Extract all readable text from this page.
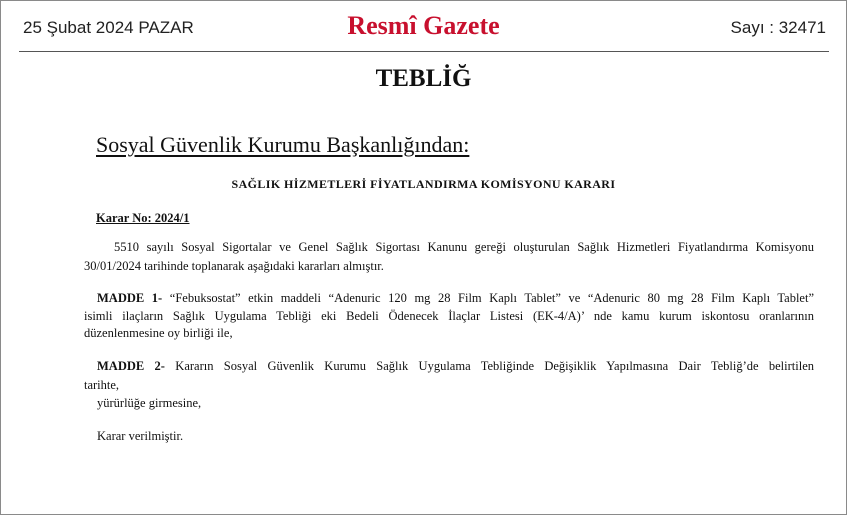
25 Şubat 2024 PAZAR	Resmî Gazete	Sayı : 32471
TEBLİĞ
Sosyal Güvenlik Kurumu Başkanlığından:
SAĞLIK HİZMETLERİ FİYATLANDIRMA KOMİSYONU KARARI
Karar No: 2024/1
5510 sayılı Sosyal Sigortalar ve Genel Sağlık Sigortası Kanunu gereği oluşturulan Sağlık Hizmetleri Fiyatlandırma Komisyonu
30/01/2024 tarihinde toplanarak aşağıdaki kararları almıştır.
MADDE 1- “Febuksostat” etkin maddeli “Adenuric 120 mg 28 Film Kaplı Tablet” ve “Adenuric 80 mg 28 Film Kaplı Tablet”
isimli ilaçların Sağlık Uygulama Tebliği eki Bedeli Ödenecek İlaçlar Listesi (EK-4/A)’ nde kamu kurum iskontosu oranlarının
düzenlenmesine oy birliği ile,
MADDE 2- Kararın Sosyal Güvenlik Kurumu Sağlık Uygulama Tebliğinde Değişiklik Yapılmasına Dair Tebliğ’de belirtilen
tarihte,
yürürlüğe girmesine,
Karar verilmiştir.
